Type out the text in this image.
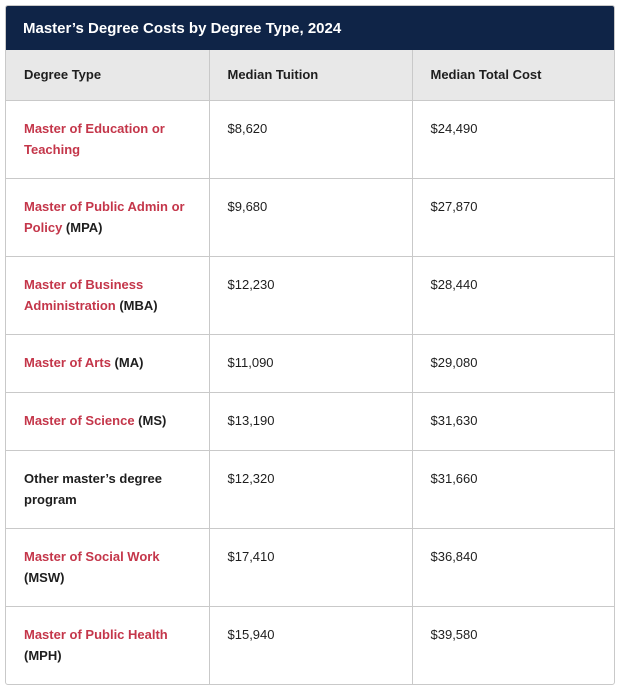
Master’s Degree Costs by Degree Type, 2024
Degree Type	Median Tuition	Median Total Cost
Master of Education or Teaching	$8,620	$24,490
Master of Public Admin or Policy (MPA)	$9,680	$27,870
Master of Business Administration (MBA)	$12,230	$28,440
Master of Arts (MA)	$11,090	$29,080
Master of Science (MS)	$13,190	$31,630
Other master’s degree program	$12,320	$31,660
Master of Social Work (MSW)	$17,410	$36,840
Master of Public Health (MPH)	$15,940	$39,580
